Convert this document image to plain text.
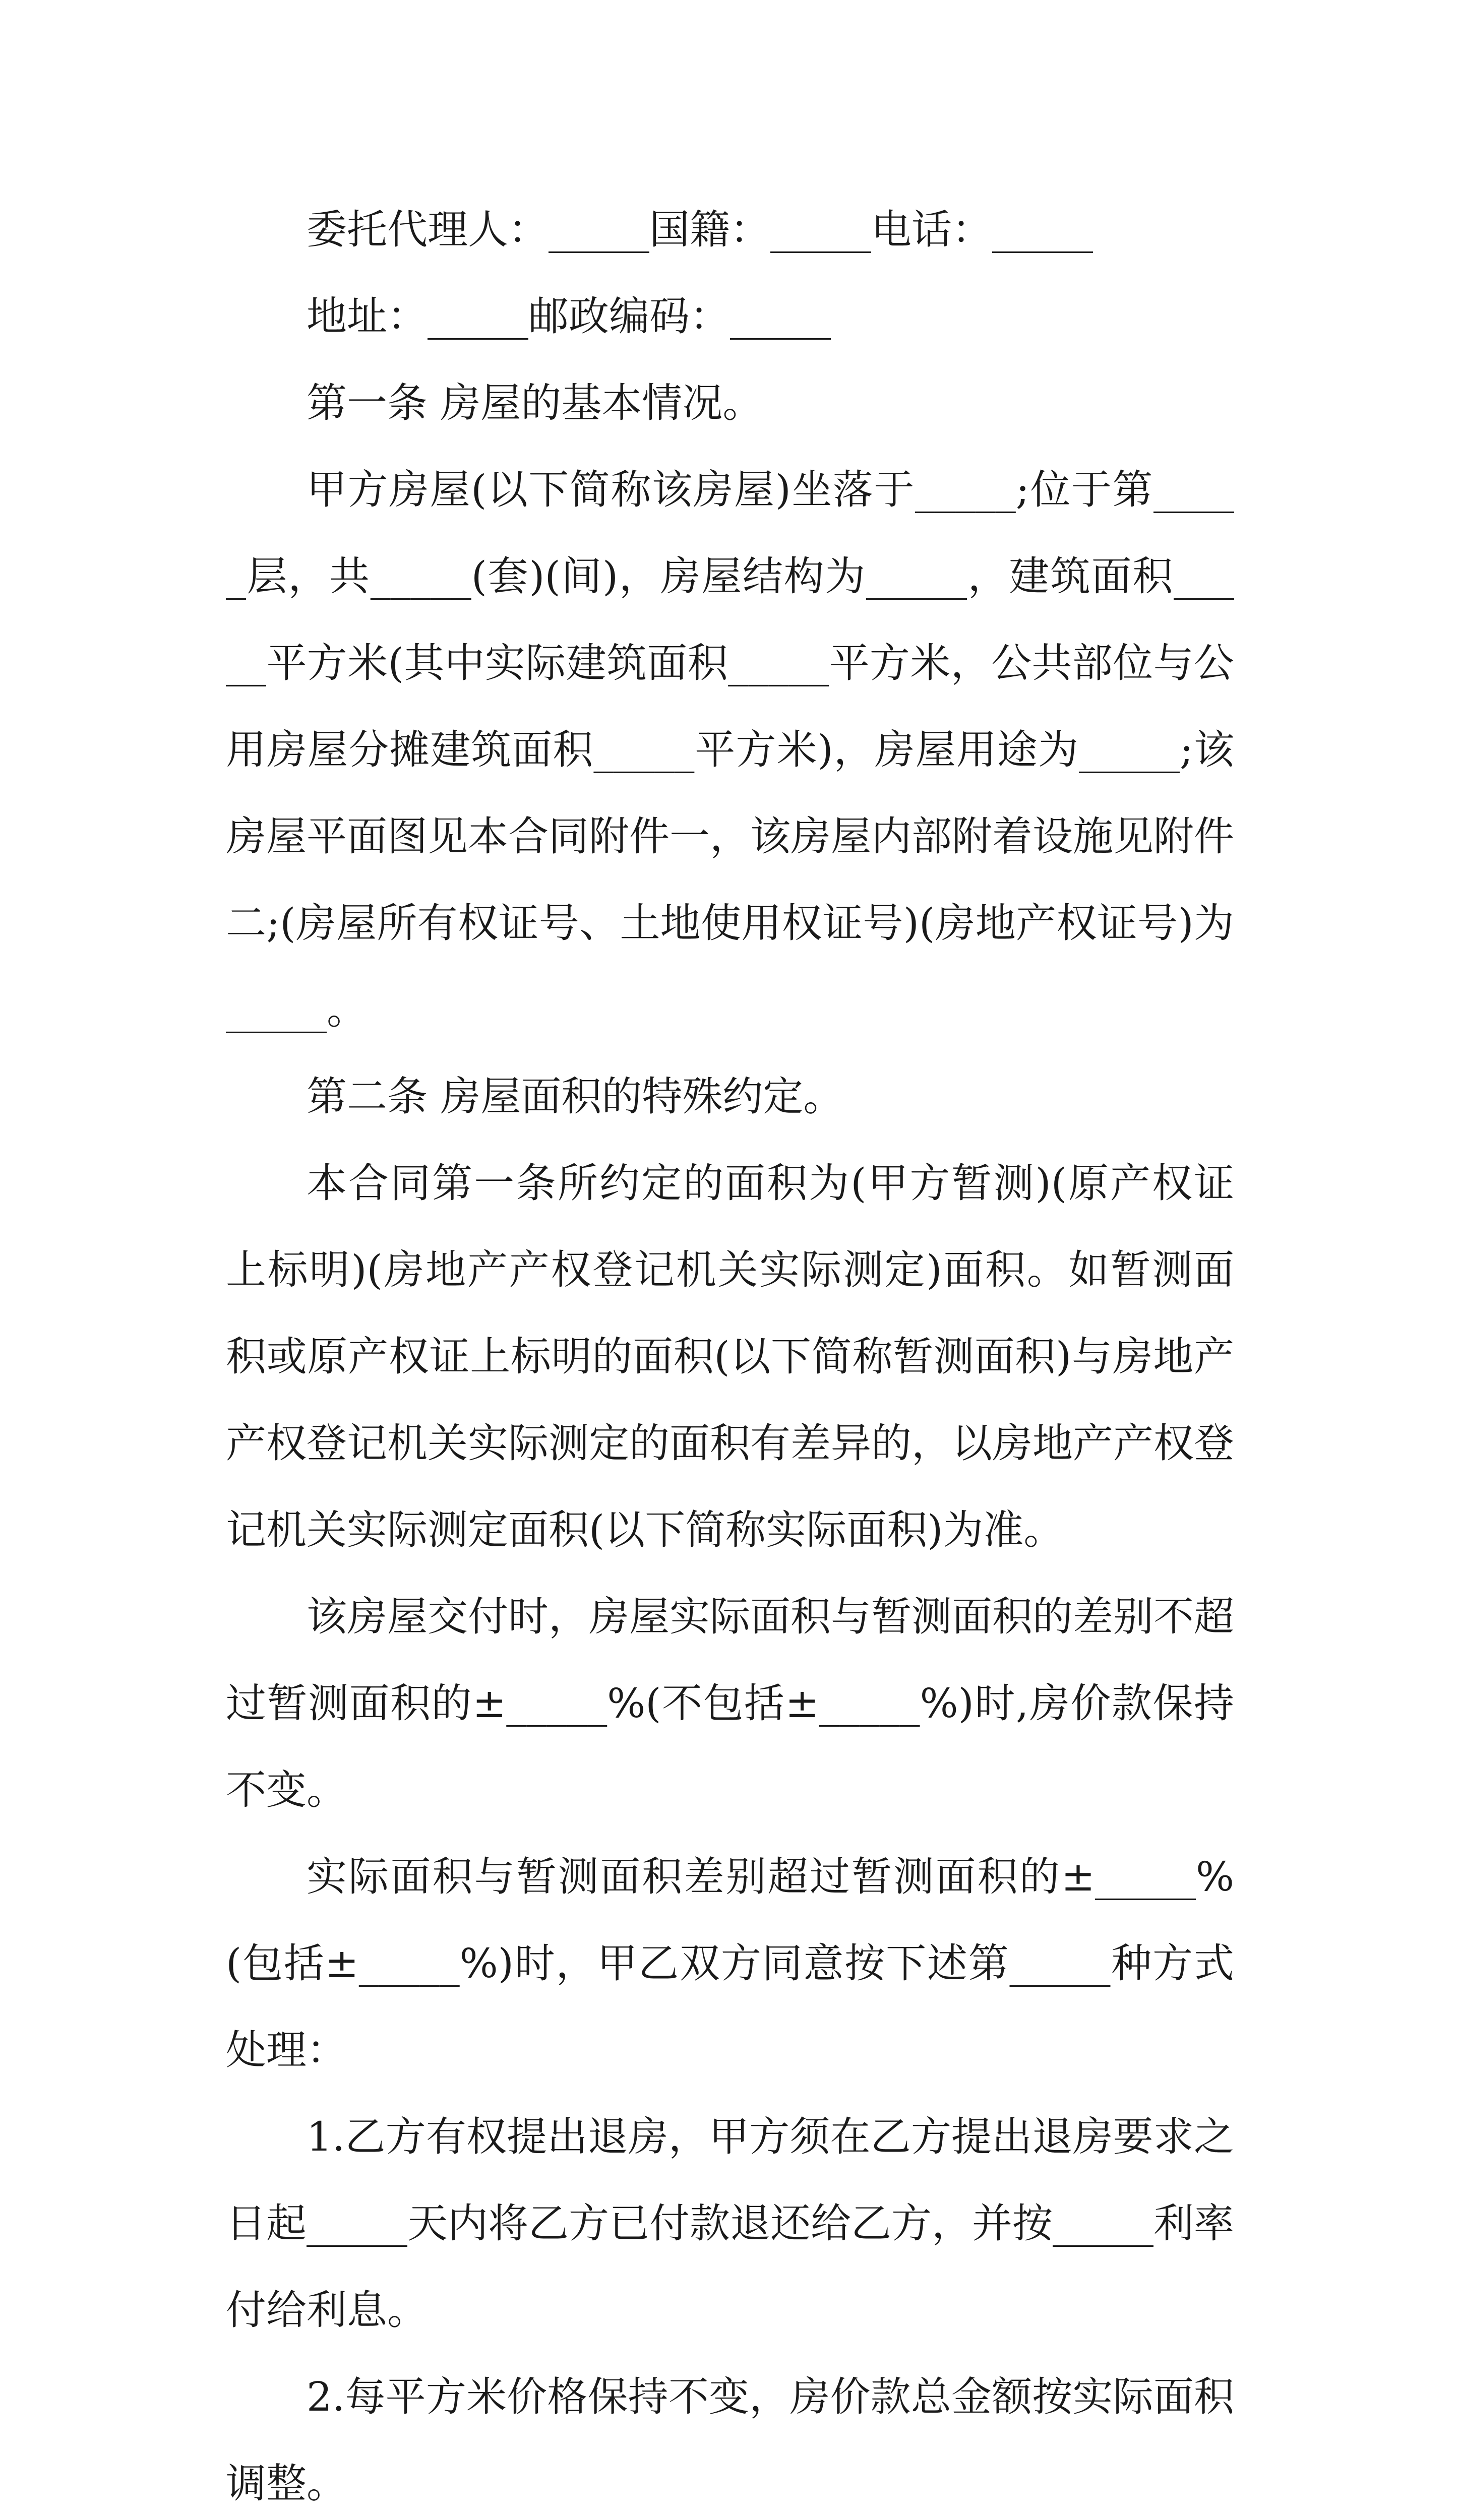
委托代理人：_____国籍：_____电话：_____

地址：_____邮政编码：_____

第一条 房屋的基本情况。

甲方房屋(以下简称该房屋)坐落于_____;位于第_____层，共_____(套)(间)，房屋结构为_____，建筑面积_____平方米(其中实际建筑面积_____平方米，公共部位与公用房屋分摊建筑面积_____平方米)，房屋用途为_____;该房屋平面图见本合同附件一，该房屋内部附着设施见附件二;(房屋所有权证号、土地使用权证号)(房地产权证号)为_____。

第二条 房屋面积的特殊约定。

本合同第一条所约定的面积为(甲方暂测)(原产权证上标明)(房地产产权登记机关实际测定)面积。如暂测面积或原产权证上标明的面积(以下简称暂测面积)与房地产产权登记机关实际测定的面积有差异的，以房地产产权登记机关实际测定面积(以下简称实际面积)为准。

该房屋交付时，房屋实际面积与暂测面积的差别不超过暂测面积的±_____%(不包括±_____%)时,房价款保持不变。

实际面积与暂测面积差别超过暂测面积的±_____%(包括±_____%)时，甲乙双方同意按下述第_____种方式处理：

1.乙方有权提出退房，甲方须在乙方提出退房要求之日起_____天内将乙方已付款退还给乙方，并按_____利率付给利息。

2.每平方米价格保持不变，房价款总金额按实际面积调整。
